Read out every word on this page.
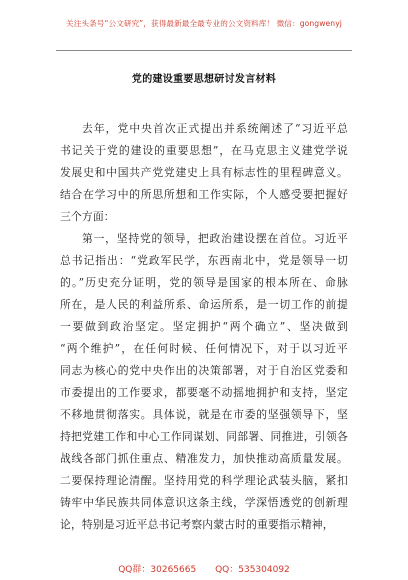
关注头条号“公文研究”，获得最新最全最专业的公文资料库！ 微信：gongwenyj
党的建设重要思想研讨发言材料
去年，党中央首次正式提出并系统阐述了“习近平总
书记关于党的建设的重要思想”，在马克思主义建党学说
发展史和中国共产党党建史上具有标志性的里程碑意义。
结合在学习中的所思所想和工作实际，个人感受要把握好
三个方面：
第一，坚持党的领导，把政治建设摆在首位。习近平
总书记指出：“党政军民学，东西南北中，党是领导一切
的。”历史充分证明，党的领导是国家的根本所在、命脉
所在，是人民的利益所系、命运所系，是一切工作的前提
一要做到政治坚定。坚定拥护“两个确立”、坚决做到
“两个维护”，在任何时候、任何情况下，对于以习近平
同志为核心的党中央作出的决策部署，对于自治区党委和
市委提出的工作要求，都要毫不动摇地拥护和支持，坚定
不移地贯彻落实。具体说，就是在市委的坚强领导下，坚
持把党建工作和中心工作同谋划、同部署、同推进，引领各
战线各部门抓住重点、精准发力，加快推动高质量发展。
二要保持理论清醒。坚持用党的科学理论武装头脑，紧扣
铸牢中华民族共同体意识这条主线，学深悟透党的创新理
论，特别是习近平总书记考察内蒙古时的重要指示精神，
QQ群：30265665 QQ：535304092
